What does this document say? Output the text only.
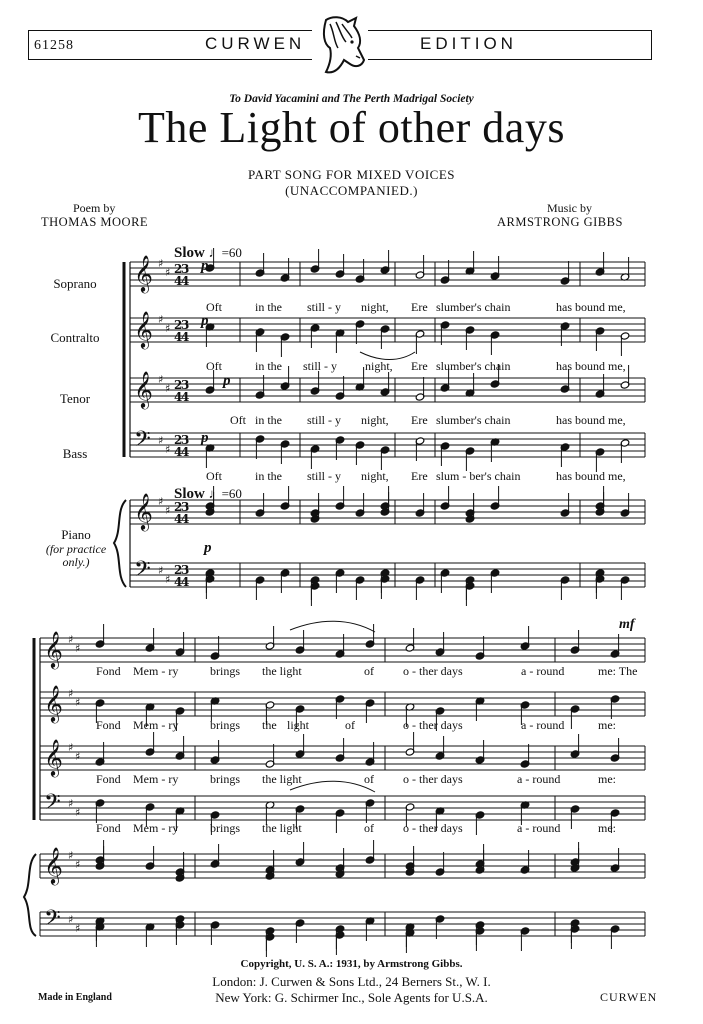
61258	CURWEN	EDITION
To David Yacamini and The Perth Madrigal Society
The Light of other days
PART SONG FOR MIXED VOICES
(UNACCOMPANIED.)
Poem by
THOMAS MOORE
Music by
ARMSTRONG GIBBS
𝄞 ♯
♯ 2
4
3
4
𝄞 ♯
♯ 2
4
3
4
𝄞 ♯
♯ 2
4
3
4
𝄢 ♯
♯
2
4
3
4
𝄞 ♯
♯ 2
4
3
4
𝄢 ♯
♯
2
4
3
4
𝄞 ♯
♯
𝄞 ♯
♯
𝄞 ♯
♯
𝄢 ♯
♯
𝄞 ♯
♯
𝄢 ♯
♯
Slow ♩=60
Slow ♩=60
Soprano
Contralto
Tenor
Bass
Piano
(for practice
only.)
p
p
p
p
p
mf
Oft	in the still - y night, Ere slumber's chain	has bound me,
Oft	in the still - y night, Ere slumber's chain	has bound me,
Oft in the still - y night, Ere slumber's chain	has bound me,
Oft	in the still - y night, Ere slum - ber's chain	has bound me,
Fond Mem - ry	brings the light	of o - ther days	a - round	me: The
Fond Mem - ry	brings the light	of	o - ther days	a - round	me:
Fond Mem - ry	brings the light	of o - ther days	a - round	me:
Fond Mem - ry	brings the light	of o - ther days	a - round	me:
Copyright, U. S. A.: 1931, by Armstrong Gibbs.
London: J. Curwen & Sons Ltd., 24 Berners St., W. I.
New York: G. Schirmer Inc., Sole Agents for U.S.A.
Made in England	CURWEN
